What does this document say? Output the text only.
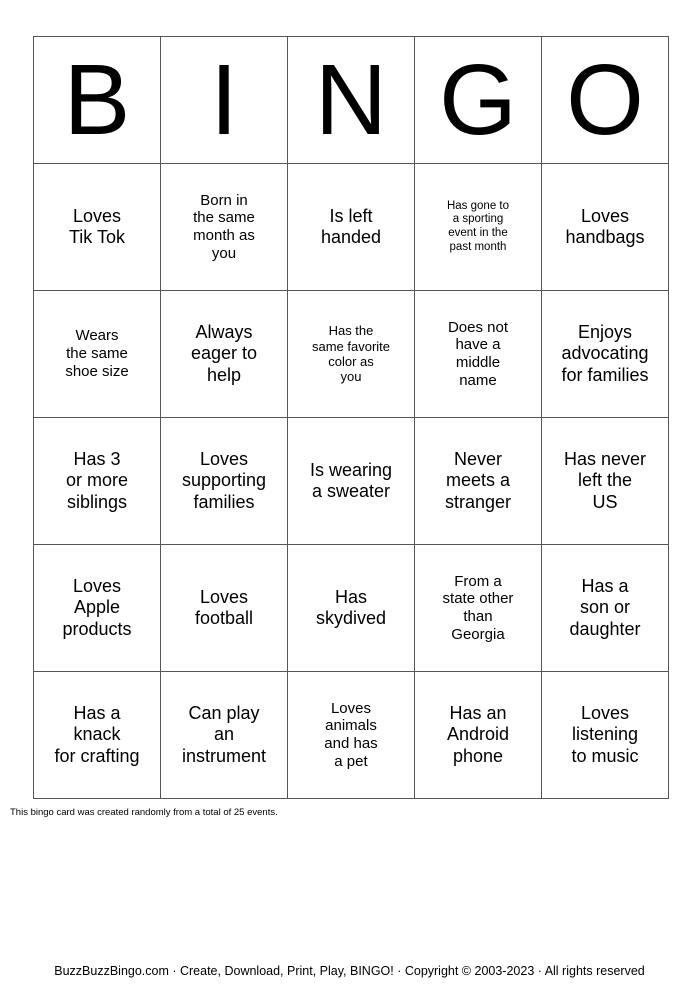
B	I	N	G	O

Loves
Tik Tok	Born in
the same
month as
you	Is left
handed	Has gone to
a sporting
event in the
past month	Loves
handbags

Wears
the same
shoe size	Always
eager to
help	Has the
same favorite
color as
you	Does not
have a
middle
name	Enjoys
advocating
for families

Has 3
or more
siblings	Loves
supporting
families	Is wearing
a sweater	Never
meets a
stranger	Has never
left the
US

Loves
Apple
products	Loves
football	Has
skydived	From a
state other
than
Georgia	Has a
son or
daughter

Has a
knack
for crafting	Can play
an
instrument	Loves
animals
and has
a pet	Has an
Android
phone	Loves
listening
to music
This bingo card was created randomly from a total of 25 events.
BuzzBuzzBingo.com · Create, Download, Print, Play, BINGO! · Copyright © 2003-2023 · All rights reserved
